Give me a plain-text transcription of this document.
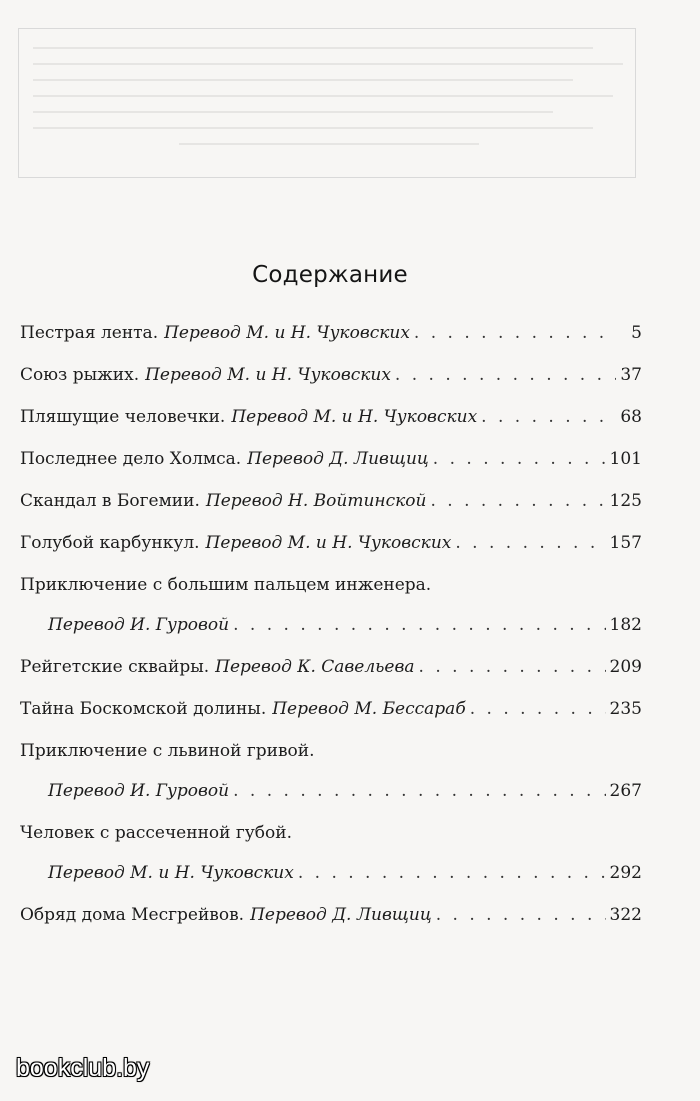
Содержание
Пестрая лента. Перевод М. и Н. Чуковских . . .	5
Союз рыжих. Перевод М. и Н. Чуковских . . .	37
Пляшущие человечки. Перевод М. и Н. Чуковских . . .	68
Последнее дело Холмса. Перевод Д. Ливщиц . . .	101
Скандал в Богемии. Перевод Н. Войтинской . . .	125
Голубой карбункул. Перевод М. и Н. Чуковских . . .	157
Приключение с большим пальцем инженера.
Перевод И. Гуровой . . .	182
Рейгетские сквайры. Перевод К. Савельева . . .	209
Тайна Боскомской долины. Перевод М. Бессараб . . .	235
Приключение с львиной гривой.
Перевод И. Гуровой . . .	267
Человек с рассеченной губой.
Перевод М. и Н. Чуковских . . .	292
Обряд дома Месгрейвов. Перевод Д. Ливщиц . . .	322
bookclub.by
